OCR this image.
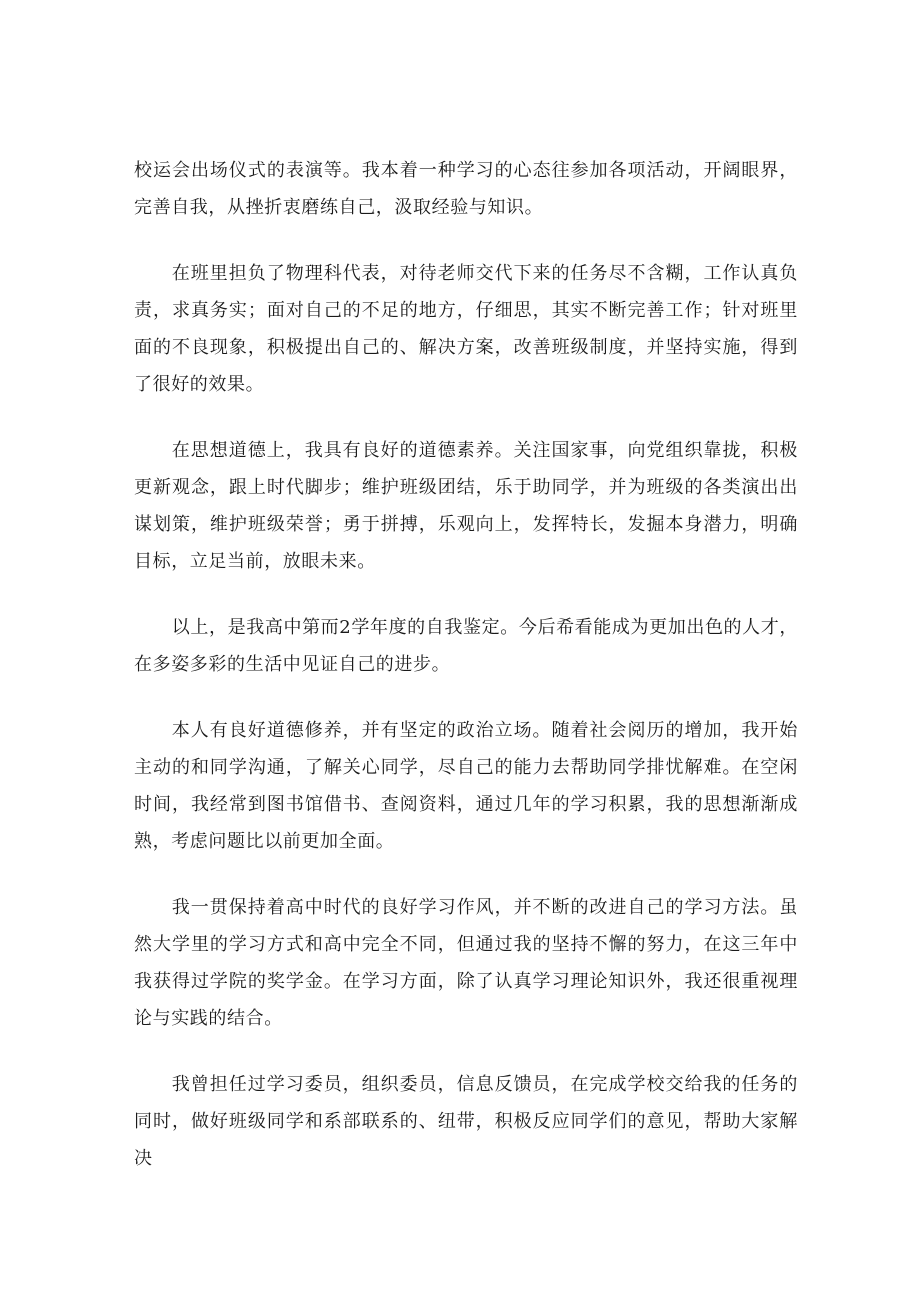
校运会出场仪式的表演等。我本着一种学习的心态往参加各项活动，开阔眼界，完善自我，从挫折衷磨练自己，汲取经验与知识。

在班里担负了物理科代表，对待老师交代下来的任务尽不含糊，工作认真负责，求真务实；面对自己的不足的地方，仔细思，其实不断完善工作；针对班里面的不良现象，积极提出自己的、解决方案，改善班级制度，并坚持实施，得到了很好的效果。

在思想道德上，我具有良好的道德素养。关注国家事，向党组织靠拢，积极更新观念，跟上时代脚步；维护班级团结，乐于助同学，并为班级的各类演出出谋划策，维护班级荣誉；勇于拼搏，乐观向上，发挥特长，发掘本身潜力，明确目标，立足当前，放眼未来。

以上，是我高中第而2学年度的自我鉴定。今后希看能成为更加出色的人才，在多姿多彩的生活中见证自己的进步。

本人有良好道德修养，并有坚定的政治立场。随着社会阅历的增加，我开始主动的和同学沟通，了解关心同学，尽自己的能力去帮助同学排忧解难。在空闲时间，我经常到图书馆借书、查阅资料，通过几年的学习积累，我的思想渐渐成熟，考虑问题比以前更加全面。

我一贯保持着高中时代的良好学习作风，并不断的改进自己的学习方法。虽然大学里的学习方式和高中完全不同，但通过我的坚持不懈的努力，在这三年中我获得过学院的奖学金。在学习方面，除了认真学习理论知识外，我还很重视理论与实践的结合。

我曾担任过学习委员，组织委员，信息反馈员，在完成学校交给我的任务的同时，做好班级同学和系部联系的、纽带，积极反应同学们的意见，帮助大家解决
